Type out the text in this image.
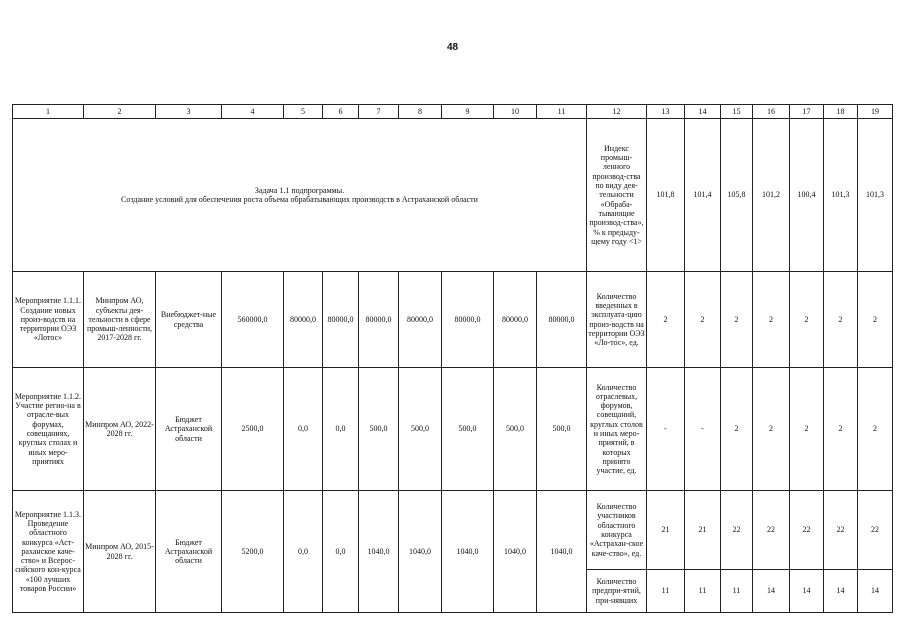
48
1	2	3	4	5	6	7	8	9	10	11	12	13	14	15	16	17	18	19

Задача 1.1 подпрограммы.
Создание условий для обеспечения роста объема обрабатывающих производств в Астраханской области											Индекс промыш-ленного производ-ства по виду дея-тельности «Обраба-тывающие производ-ства», % к предыду-щему году <1>	101,8	101,4	105,8	101,2	100,4	101,3	101,3
Мероприятие 1.1.1. Создание новых произ-водств на территории ОЭЗ «Лотос»	Минпром АО, субъекты дея-тельности в сфере промыш-ленности, 2017-2028 гг.	Внебюджет-ные средства	560000,0	80000,0	80000,0	80000,0	80000,0	80000,0	80000,0	80000,0	Количество введенных в эксплуата-цию произ-водств на территории ОЭЗ «Ло-тос», ед.	2	2	2	2	2	2	2
Мероприятие 1.1.2. Участие регио-на в отрасле-вых форумах, совещаниях, круглых столах и иных меро-приятиях	Минпром АО, 2022-2028 гг.	Бюджет Астраханской области	2500,0	0,0	0,0	500,0	500,0	500,0	500,0	500,0	Количество отраслевых, форумов, совещаний, круглых столов и иных меро-приятий, в которых принято участие, ед.	-	-	2	2	2	2	2
Мероприятие 1.1.3. Проведение областного конкурса «Аст-раханское каче-ство» и Всерос-сийского кон-курса «100 лучших товаров России»	Минпром АО, 2015-2028 гг.	Бюджет Астраханской области	5200,0	0,0	0,0	1040,0	1040,0	1040,0	1040,0	1040,0	Количество участников областного конкурса «Астрахан-ское каче-ство», ед.	21	21	22	22	22	22	22
											Количество предпри-ятий, при-нявших	11	11	11	14	14	14	14
